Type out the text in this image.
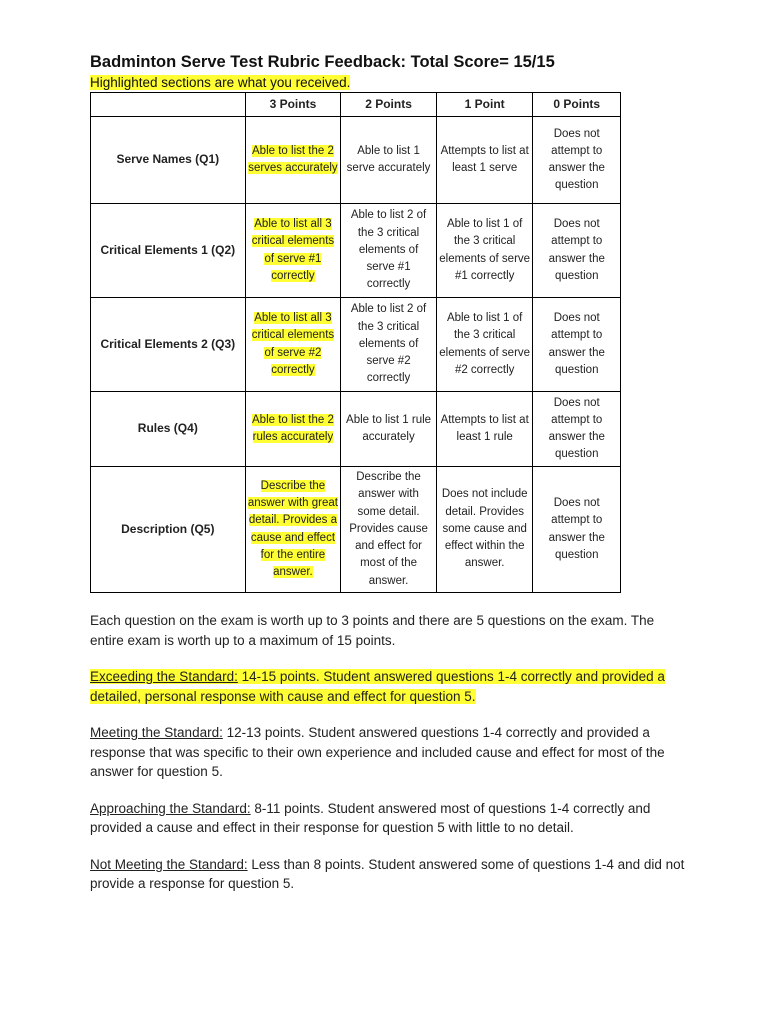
Badminton Serve Test Rubric Feedback: Total Score= 15/15
Highlighted sections are what you received.
	3 Points	2 Points	1 Point	0 Points
Serve Names (Q1)	Able to list the 2 serves accurately	Able to list 1 serve accurately	Attempts to list at least 1 serve	Does not attempt to answer the question
Critical Elements 1 (Q2)	Able to list all 3 critical elements of serve #1 correctly	Able to list 2 of the 3 critical elements of serve #1 correctly	Able to list 1 of the 3 critical elements of serve #1 correctly	Does not attempt to answer the question
Critical Elements 2 (Q3)	Able to list all 3 critical elements of serve #2 correctly	Able to list 2 of the 3 critical elements of serve #2 correctly	Able to list 1 of the 3 critical elements of serve #2 correctly	Does not attempt to answer the question
Rules (Q4)	Able to list the 2 rules accurately	Able to list 1 rule accurately	Attempts to list at least 1 rule	Does not attempt to answer the question
Description (Q5)	Describe the answer with great detail. Provides a cause and effect for the entire answer.	Describe the answer with some detail. Provides cause and effect for most of the answer.	Does not include detail. Provides some cause and effect within the answer.	Does not attempt to answer the question

Each question on the exam is worth up to 3 points and there are 5 questions on the exam. The entire exam is worth up to a maximum of 15 points.

Exceeding the Standard: 14-15 points. Student answered questions 1-4 correctly and provided a detailed, personal response with cause and effect for question 5.

Meeting the Standard: 12-13 points. Student answered questions 1-4 correctly and provided a response that was specific to their own experience and included cause and effect for most of the answer for question 5.

Approaching the Standard: 8-11 points. Student answered most of questions 1-4 correctly and provided a cause and effect in their response for question 5 with little to no detail.

Not Meeting the Standard: Less than 8 points. Student answered some of questions 1-4 and did not provide a response for question 5.
